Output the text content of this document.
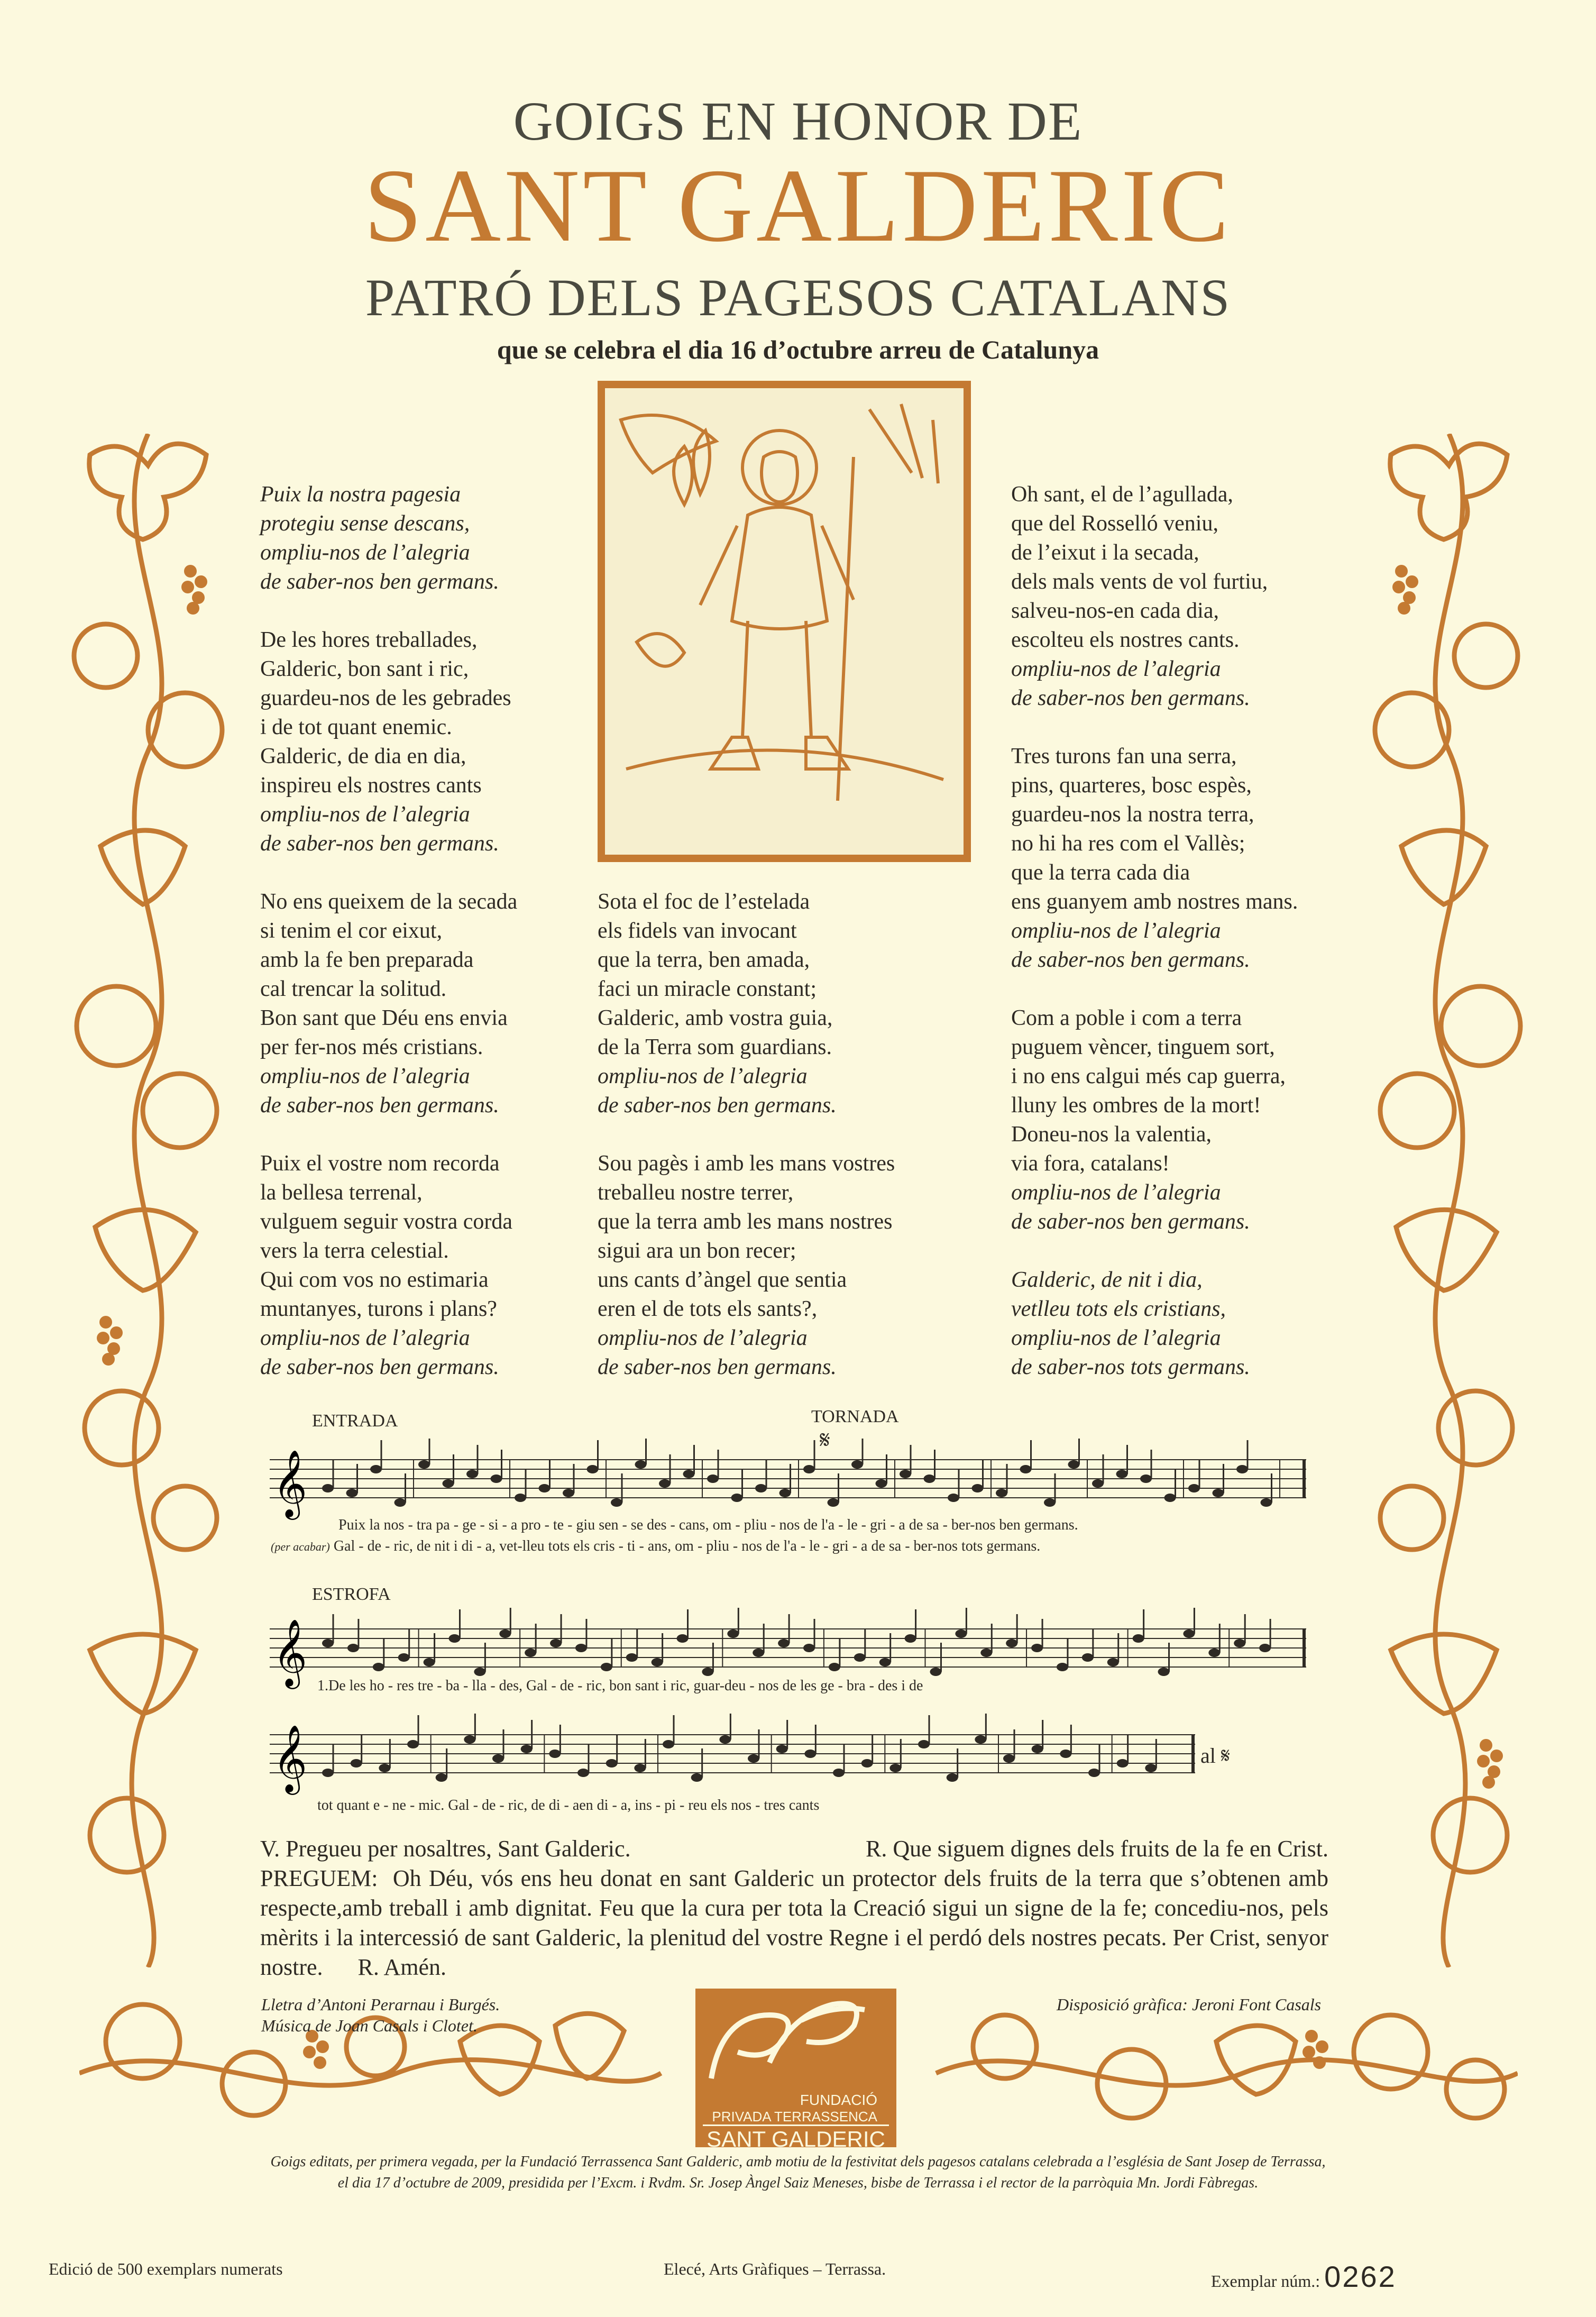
GOIGS EN HONOR DE
SANT GALDERIC
PATRÓ DELS PAGESOS CATALANS
que se celebra el dia 16 d’octubre arreu de Catalunya
Puix la nostra pagesia
protegiu sense descans,
ompliu-nos de l’alegria
de saber-nos ben germans.
De les hores treballades,
Galderic, bon sant i ric,
guardeu-nos de les gebrades
i de tot quant enemic.
Galderic, de dia en dia,
inspireu els nostres cants
ompliu-nos de l’alegria
de saber-nos ben germans.
No ens queixem de la secada
si tenim el cor eixut,
amb la fe ben preparada
cal trencar la solitud.
Bon sant que Déu ens envia
per fer-nos més cristians.
ompliu-nos de l’alegria
de saber-nos ben germans.
Puix el vostre nom recorda
la bellesa terrenal,
vulguem seguir vostra corda
vers la terra celestial.
Qui com vos no estimaria
muntanyes, turons i plans?
ompliu-nos de l’alegria
de saber-nos ben germans.
Sota el foc de l’estelada
els fidels van invocant
que la terra, ben amada,
faci un miracle constant;
Galderic, amb vostra guia,
de la Terra som guardians.
ompliu-nos de l’alegria
de saber-nos ben germans.
Sou pagès i amb les mans vostres
treballeu nostre terrer,
que la terra amb les mans nostres
sigui ara un bon recer;
uns cants d’àngel que sentia
eren el de tots els sants?,
ompliu-nos de l’alegria
de saber-nos ben germans.
Oh sant, el de l’agullada,
que del Rosselló veniu,
de l’eixut i la secada,
dels mals vents de vol furtiu,
salveu-nos-en cada dia,
escolteu els nostres cants.
ompliu-nos de l’alegria
de saber-nos ben germans.
Tres turons fan una serra,
pins, quarteres, bosc espès,
guardeu-nos la nostra terra,
no hi ha res com el Vallès;
que la terra cada dia
ens guanyem amb nostres mans.
ompliu-nos de l’alegria
de saber-nos ben germans.
Com a poble i com a terra
puguem vèncer, tinguem sort,
i no ens calgui més cap guerra,
lluny les ombres de la mort!
Doneu-nos la valentia,
via fora, catalans!
ompliu-nos de l’alegria
de saber-nos ben germans.
Galderic, de nit i dia,
vetlleu tots els cristians,
ompliu-nos de l’alegria
de saber-nos tots germans.
ENTRADA	TORNADA
𝄋
𝄞
Puix la nos - tra pa - ge - si - a pro - te - giu sen - se des - cans, om - pliu - nos de l'a - le - gri - a de sa - ber-nos ben germans.
(per acabar) Gal - de - ric, de nit i di - a, vet-lleu tots els cris - ti - ans, om - pliu - nos de l'a - le - gri - a de sa - ber-nos tots germans.
ESTROFA
𝄞 1.De les ho - res tre - ba - lla - des, Gal - de - ric, bon sant i ric, guar-deu - nos de les ge - bra - des i de
𝄞	al 𝄋
tot quant e - ne - mic. Gal - de - ric, de di - aen di - a, ins - pi - reu els nos - tres cants
V. Pregueu per nosaltres, Sant Galderic.	R. Que siguem dignes dels fruits de la fe en Crist.
PREGUEM: Oh Déu, vós ens heu donat en sant Galderic un protector dels fruits de la terra que s’obtenen amb respecte,amb treball i amb dignitat. Feu que la cura per tota la Creació sigui un signe de la fe; concediu-nos, pels mèrits i la intercessió de sant Galderic, la plenitud del vostre Regne i el perdó dels nostres pecats. Per Crist, senyor nostre. R. Amén.
Lletra d’Antoni Perarnau i Burgés.
Música de Joan Casals i Clotet.
Disposició gràfica: Jeroni Font Casals
FUNDACIÓ
PRIVADA TERRASSENCA
SANT GALDERIC
Goigs editats, per primera vegada, per la Fundació Terrassenca Sant Galderic, amb motiu de la festivitat dels pagesos catalans celebrada a l’església de Sant Josep de Terrassa,
el dia 17 d’octubre de 2009, presidida per l’Excm. i Rvdm. Sr. Josep Àngel Saiz Meneses, bisbe de Terrassa i el rector de la parròquia Mn. Jordi Fàbregas.
Edició de 500 exemplars numerats	Elecé, Arts Gràfiques – Terrassa.
Exemplar núm.: 0262
